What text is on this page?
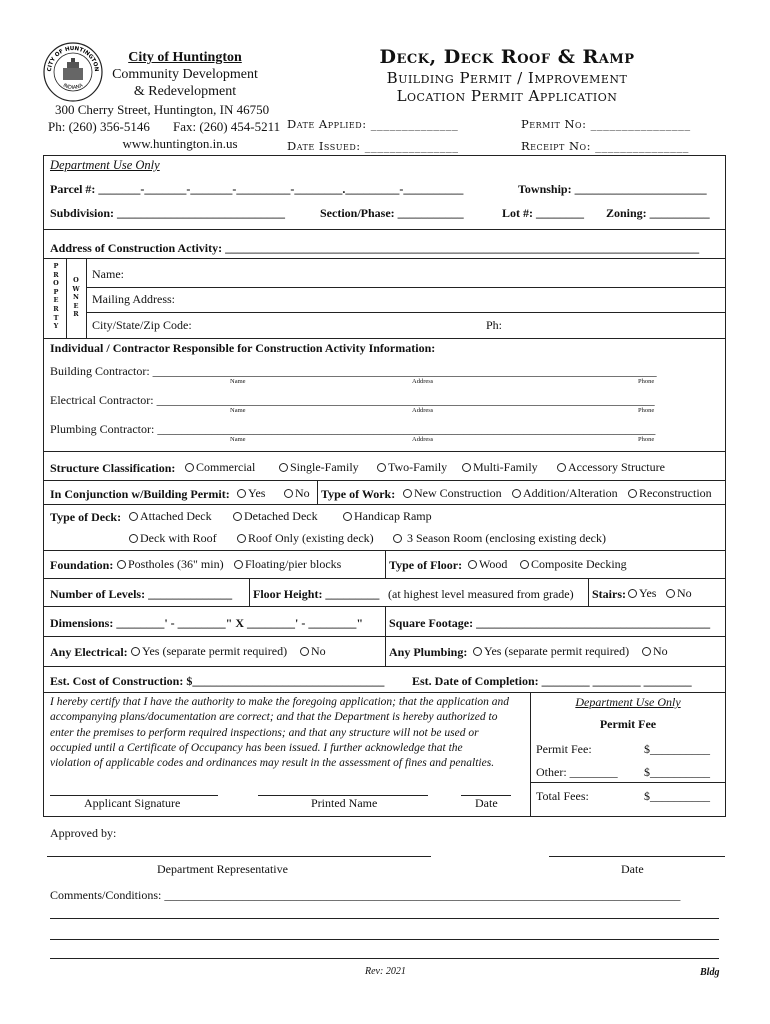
CITY OF HUNTINGTON
INDIANA
City of Huntington
Community Development
& Redevelopment
300 Cherry Street, Huntington, IN 46750
Ph: (260) 356-5146 Fax: (260) 454-5211
www.huntington.in.us
Deck, Deck Roof & Ramp
Building Permit / Improvement
Location Permit Application
Date Applied: ______________
Date Issued: _______________
Permit No: ________________
Receipt No: _______________
Department Use Only
Parcel #: _______-_______-_______-_________-________._________-__________	Township: ______________________
Subdivision: ____________________________	Section/Phase: ___________	Lot #: ________ Zoning: __________
Address of Construction Activity: _______________________________________________________________________________
P
R
O
P
E
R
T
Y
O
W
N
E
R
Name:
Mailing Address:
City/State/Zip Code:	Ph:
Individual / Contractor Responsible for Construction Activity Information:
Building Contractor: ____________________________________________________________________________________
Name	Address	Phone
Electrical Contractor: ___________________________________________________________________________________
Name	Address	Phone
Plumbing Contractor: ___________________________________________________________________________________
Name	Address	Phone
Structure Classification:	Commercial	Single-Family	Two-Family	Multi-Family	Accessory Structure
In Conjunction w/Building Permit:	Yes	No Type of Work:	New Construction	Addition/Alteration	Reconstruction
Type of Deck:	Attached Deck	Detached Deck	Handicap Ramp
Deck with Roof	Roof Only (existing deck)	3 Season Room (enclosing existing deck)
Foundation:	Postholes (36" min)	Floating/pier blocks	Type of Floor:	Wood	Composite Decking
Number of Levels: ______________ Floor Height: _________ (at highest level measured from grade) Stairs:	Yes	No
Dimensions: ________' - ________" X ________' - ________" Square Footage: _______________________________________
Any Electrical:	Yes (separate permit required)	No	Any Plumbing:	Yes (separate permit required)	No
Est. Cost of Construction: $________________________________ Est. Date of Completion: ________ ________ ________
I hereby certify that I have the authority to make the foregoing application; that the application and
accompanying plans/documentation are correct; and that the Department is hereby authorized to
enter the premises to perform required inspections; and that any structure will not be used or
occupied until a Certificate of Occupancy has been issued. I further acknowledge that the
violation of applicable codes and ordinances may result in the assessment of fines and penalties.
Applicant Signature	Printed Name	Date
Department Use Only
Permit Fee
Permit Fee:	$__________
Other: ________ $__________
Total Fees:	$__________
Approved by:
Department Representative	Date
Comments/Conditions: ______________________________________________________________________________________
Rev: 2021	Bldg
